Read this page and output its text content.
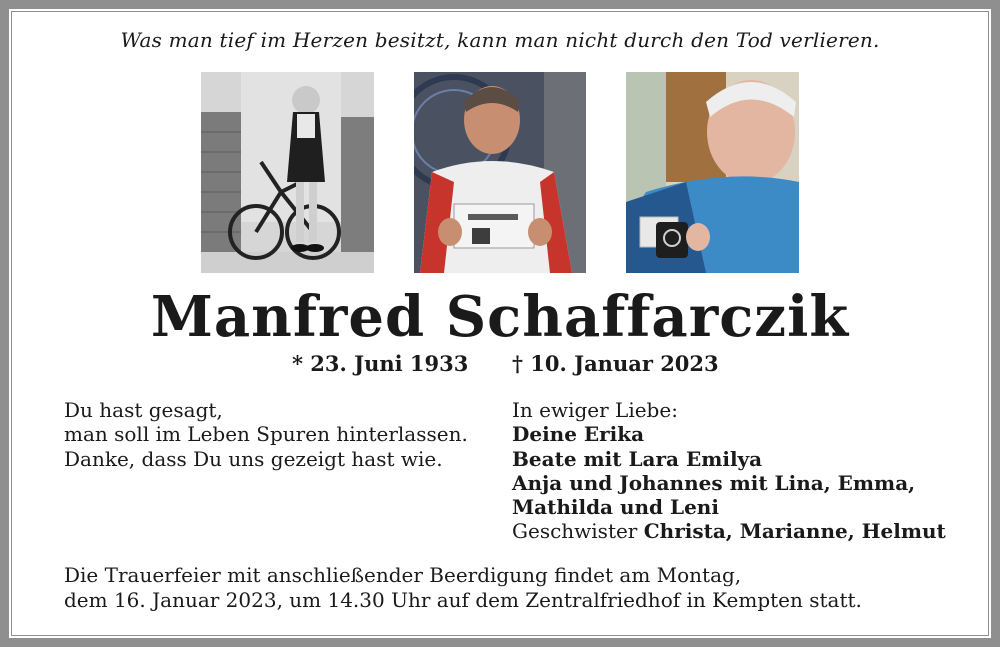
Was man tief im Herzen besitzt, kann man nicht durch den Tod verlieren.
Manfred Schaffarczik
* 23. Juni 1933 † 10. Januar 2023
Du hast gesagt,
man soll im Leben Spuren hinterlassen.
Danke, dass Du uns gezeigt hast wie.
In ewiger Liebe:
Deine Erika
Beate mit Lara Emilya
Anja und Johannes mit Lina, Emma,
Mathilda und Leni
Geschwister Christa, Marianne, Helmut
Die Trauerfeier mit anschließender Beerdigung findet am Montag,
dem 16. Januar 2023, um 14.30 Uhr auf dem Zentralfriedhof in Kempten statt.
